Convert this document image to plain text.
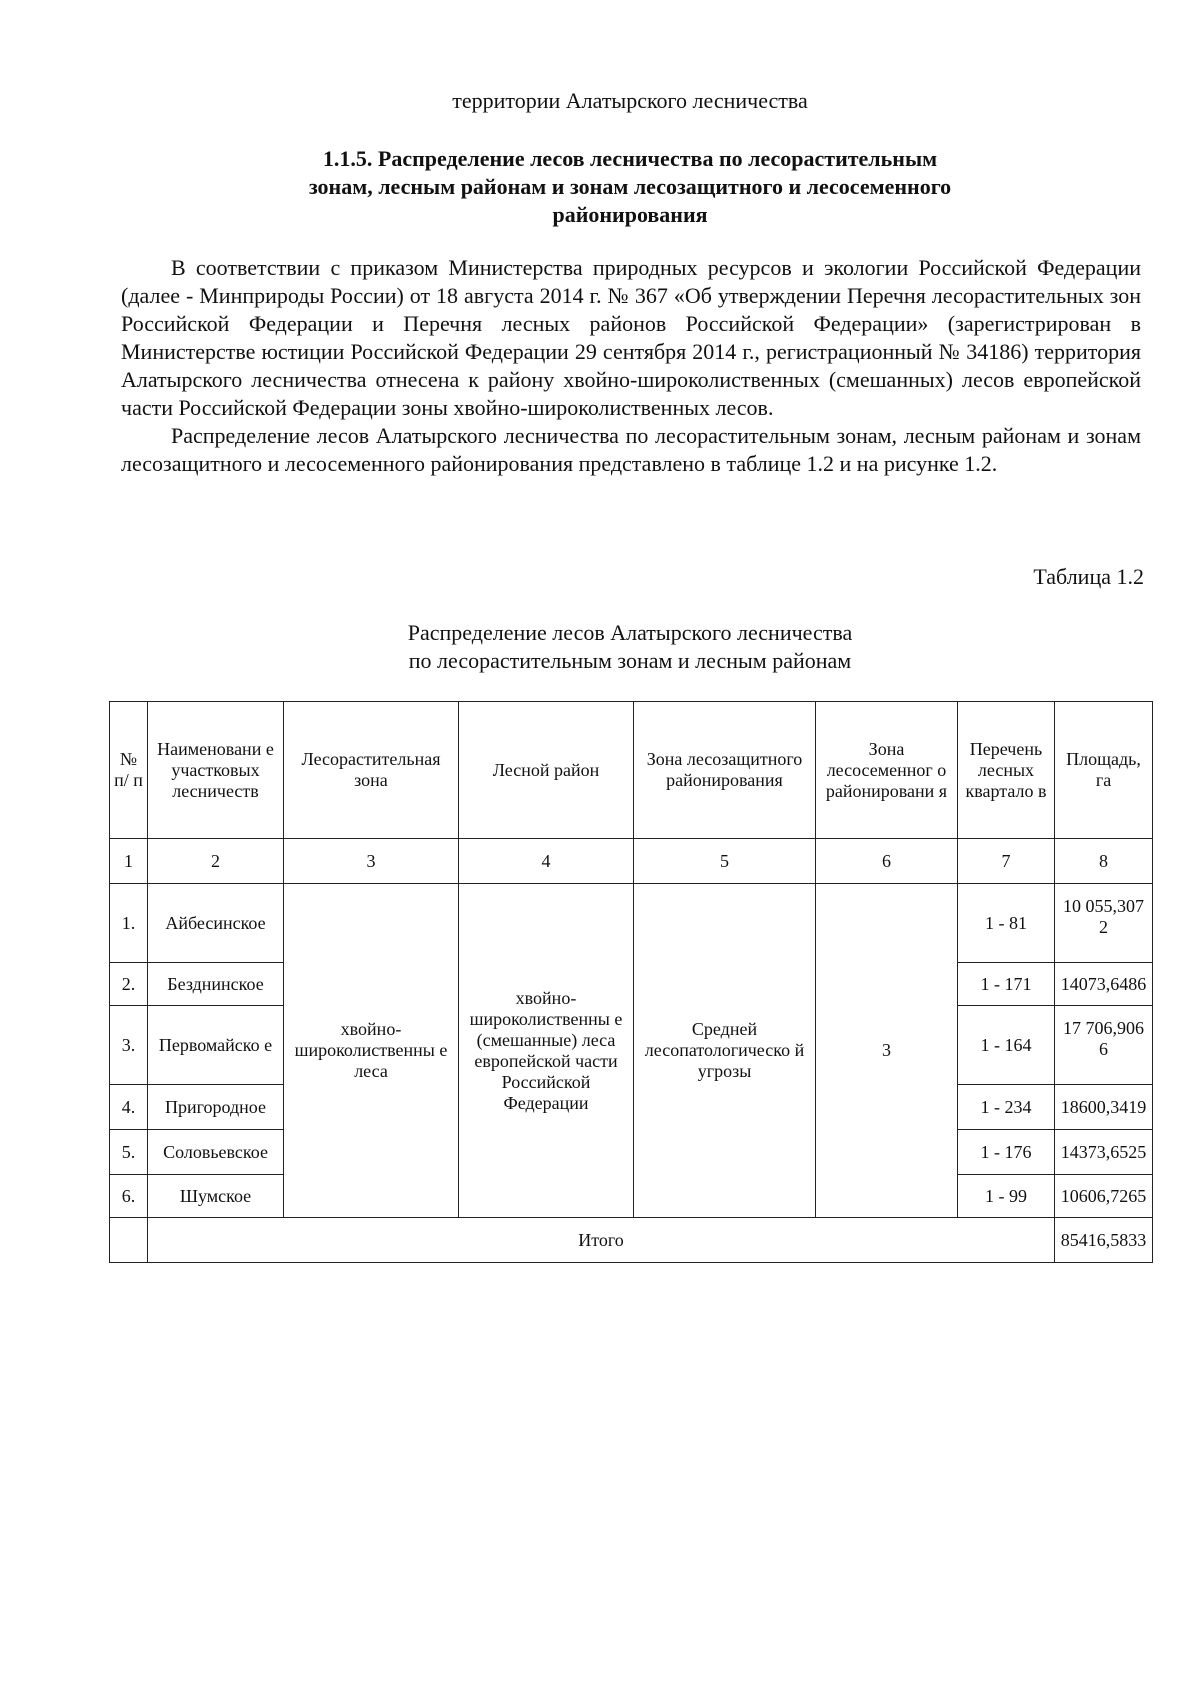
территории Алатырского лесничества
1.1.5. Распределение лесов лесничества по лесорастительным
зонам, лесным районам и зонам лесозащитного и лесосеменного
районирования

В соответствии с приказом Министерства природных ресурсов и экологии Российской Федерации (далее - Минприроды России) от 18 августа 2014 г. № 367 «Об утверждении Перечня лесорастительных зон Российской Федерации и Перечня лесных районов Российской Федерации» (зарегистрирован в Министерстве юстиции Российской Федерации 29 сентября 2014 г., регистрационный № 34186) территория Алатырского лесничества отнесена к району хвойно-широколиственных (смешанных) лесов европейской части Российской Федерации зоны хвойно-широколиственных лесов.

Распределение лесов Алатырского лесничества по лесорастительным зонам, лесным районам и зонам лесозащитного и лесосеменного районирования представлено в таблице 1.2 и на рисунке 1.2.

Таблица 1.2
Распределение лесов Алатырского лесничества
по лесорастительным зонам и лесным районам
№ п/ п	Наименовани е участковых лесничеств	Лесорастительная зона	Лесной район	Зона лесозащитного районирования	Зона лесосеменног о районировани я	Перечень лесных квартало в	Площадь, га
1	2	3	4	5	6	7	8
1.	Айбесинское	хвойно-широколиственны е леса	хвойно-широколиственны е (смешанные) леса европейской части Российской Федерации	Средней лесопатологическо й угрозы	3	1 - 81	10 055,307 2
2.	Безднинское					1 - 171	14073,6486
3.	Первомайско е					1 - 164	17 706,906 6
4.	Пригородное					1 - 234	18600,3419
5.	Соловьевское					1 - 176	14373,6525
6.	Шумское					1 - 99	10606,7265
	Итого						85416,5833
